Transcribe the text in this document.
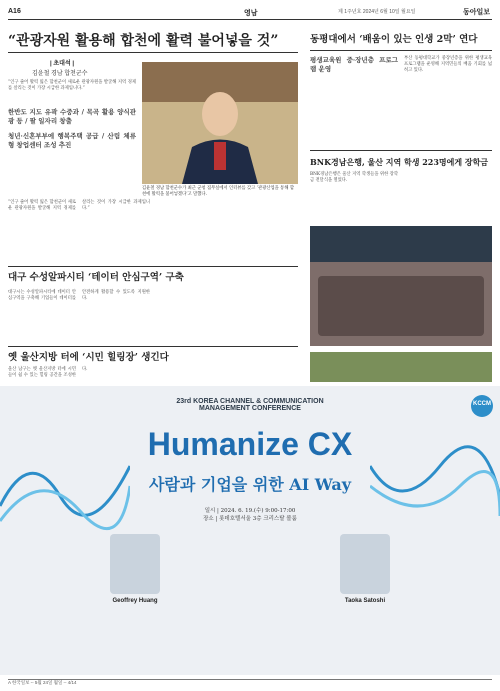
A16	영남	제 1주년호 2024년 6월 10일 월요일	동아일보
“관광자원 활용해 합천에 활력 불어넣을 것”
| 초대석 |
김윤철 경남 합천군수
“인구 줄어 활력 잃은 합천군이 새로운 관광자원을 발굴해 지역 경제를 살리는 것이 가장 시급한 과제입니다.”
한반도 지도 유곽 수중과 / 목곡 활용 양식관광 등 / 팔 일자리 창출
청년·신혼부부에 행복주택 공급 / 산림 체류형 창업센터 조성 추진
김윤철 경남 합천군수가 최근 군청 집무실에서 인터뷰를 갖고 ‘관광산업을 통해 합천에 활력을 불어넣겠다’고 말했다.
“인구 줄어 활력 잃은 합천군이 새로운 관광자원을 발굴해 지역 경제를 살리는 것이 가장 시급한 과제입니다.”
대구 수성알파시티 ‘테이터 안심구역’ 구축
대구시는 수성알파시티에 데이터 안심구역을 구축해 기업들이 데이터를 안전하게 활용할 수 있도록 지원한다.
옛 울산지방 터에 ‘시민 힐링장’ 생긴다
울산 남구는 옛 울산지방 터에 시민들이 쉴 수 있는 힐링 공간을 조성한다.
동평대에서 ‘배움이 있는 인생 2막’ 연다
평생교육원 중·장년층 프로그램 운영
부산 동평대학교가 중장년층을 위한 평생교육 프로그램을 운영해 지역민들의 배움 기회를 넓히고 있다.
BNK경남은행, 울산 지역 학생 223명에게 장학금
BNK경남은행은 울산 지역 학생들을 위한 장학금 전달식을 열었다.
23rd KOREA CHANNEL & COMMUNICATION MANAGEMENT CONFERENCE
Humanize CX
사람과 기업을 위한 AI Way
일시 | 2024. 6. 19.(수) 9:00-17:00
장소 | 롯데호텔서울 3층 크리스탈 볼룸
KCCM
Geoffrey Huang	Taoka Satoshi
A 한국일보 -- 5월 24일 월일 -- 4/14
